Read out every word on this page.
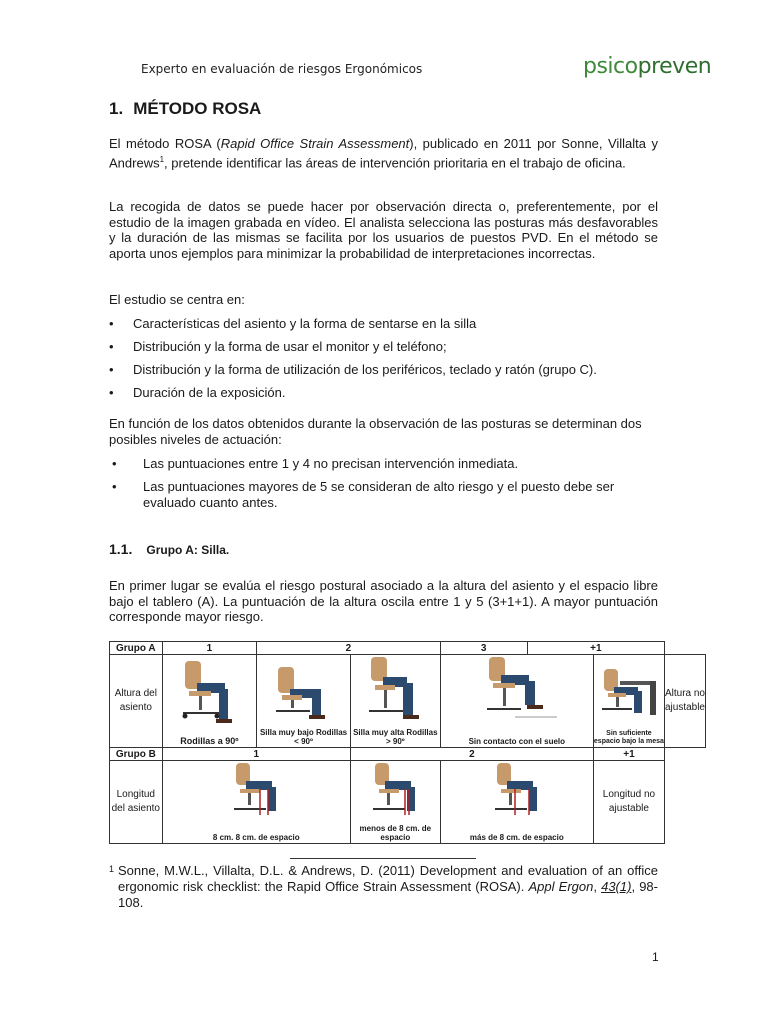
Experto en evaluación de riesgos Ergonómicos	psicopreven
1. MÉTODO ROSA
El método ROSA (Rapid Office Strain Assessment), publicado en 2011 por Sonne, Villalta y Andrews$^1$, pretende identificar las áreas de intervención prioritaria en el trabajo de oficina.
La recogida de datos se puede hacer por observación directa o, preferentemente, por el estudio de la imagen grabada en vídeo. El analista selecciona las posturas más desfavorables y la duración de las mismas se facilita por los usuarios de puestos PVD. En el método se aporta unos ejemplos para minimizar la probabilidad de interpretaciones incorrectas.
El estudio se centra en:
• Características del asiento y la forma de sentarse en la silla
• Distribución y la forma de usar el monitor y el teléfono;
• Distribución y la forma de utilización de los periféricos, teclado y ratón (grupo C).
• Duración de la exposición.
En función de los datos obtenidos durante la observación de las posturas se determinan dos posibles niveles de actuación:
• Las puntuaciones entre 1 y 4 no precisan intervención inmediata.
• Las puntuaciones mayores de 5 se consideran de alto riesgo y el puesto debe ser evaluado cuanto antes.
1.1. Grupo A: Silla.
En primer lugar se evalúa el riesgo postural asociado a la altura del asiento y el espacio libre bajo el tablero (A). La puntuación de la altura oscila entre 1 y 5 (3+1+1). A mayor puntuación corresponde mayor riesgo.
Grupo A	1	2		3	+1		
Altura del asiento	Rodillas a 90º	Silla muy bajo Rodillas < 90º	Silla muy alta Rodillas > 90º	Sin contacto con el suelo		Sin suficiente espacio bajo la mesa	Altura no ajustable
Grupo B	1		2			+1	
Longitud del asiento	8 cm. 8 cm. de espacio		menos de 8 cm. de espacio	más de 8 cm. de espacio		Longitud no ajustable	
1 Sonne, M.W.L., Villalta, D.L. & Andrews, D. (2011) Development and evaluation of an office ergonomic risk checklist: the Rapid Office Strain Assessment (ROSA). Appl Ergon, 43(1), 98-108.
1
